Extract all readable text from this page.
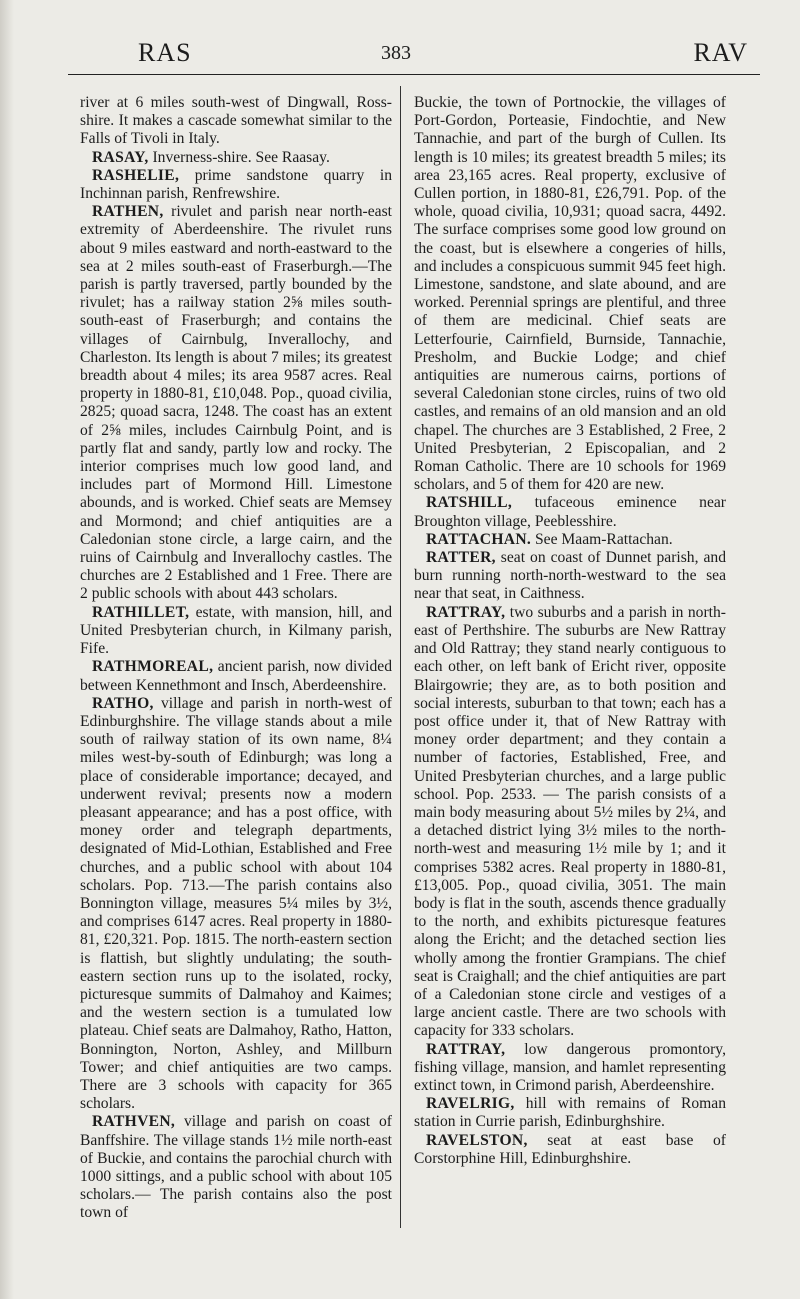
RAS	383	RAV

river at 6 miles south-west of Dingwall, Ross-shire. It makes a cascade somewhat similar to the Falls of Tivoli in Italy.

RASAY, Inverness-shire. See Raasay.

RASHELIE, prime sandstone quarry in Inchinnan parish, Renfrewshire.

RATHEN, rivulet and parish near north-east extremity of Aberdeenshire. The rivulet runs about 9 miles eastward and north-eastward to the sea at 2 miles south-east of Fraserburgh.—The parish is partly traversed, partly bounded by the rivulet; has a railway station 2⅝ miles south-south-east of Fraserburgh; and contains the villages of Cairnbulg, Inverallochy, and Charleston. Its length is about 7 miles; its greatest breadth about 4 miles; its area 9587 acres. Real property in 1880-81, £10,048. Pop., quoad civilia, 2825; quoad sacra, 1248. The coast has an extent of 2⅝ miles, includes Cairnbulg Point, and is partly flat and sandy, partly low and rocky. The interior comprises much low good land, and includes part of Mormond Hill. Limestone abounds, and is worked. Chief seats are Memsey and Mormond; and chief antiquities are a Caledonian stone circle, a large cairn, and the ruins of Cairnbulg and Inverallochy castles. The churches are 2 Established and 1 Free. There are 2 public schools with about 443 scholars.

RATHILLET, estate, with mansion, hill, and United Presbyterian church, in Kilmany parish, Fife.

RATHMOREAL, ancient parish, now divided between Kennethmont and Insch, Aberdeenshire.

RATHO, village and parish in north-west of Edinburghshire. The village stands about a mile south of railway station of its own name, 8¼ miles west-by-south of Edinburgh; was long a place of considerable importance; decayed, and underwent revival; presents now a modern pleasant appearance; and has a post office, with money order and telegraph departments, designated of Mid-Lothian, Established and Free churches, and a public school with about 104 scholars. Pop. 713.—The parish contains also Bonnington village, measures 5¼ miles by 3½, and comprises 6147 acres. Real property in 1880-81, £20,321. Pop. 1815. The north-eastern section is flattish, but slightly undulating; the south-eastern section runs up to the isolated, rocky, picturesque summits of Dalmahoy and Kaimes; and the western section is a tumulated low plateau. Chief seats are Dalmahoy, Ratho, Hatton, Bonnington, Norton, Ashley, and Millburn Tower; and chief antiquities are two camps. There are 3 schools with capacity for 365 scholars.

RATHVEN, village and parish on coast of Banffshire. The village stands 1½ mile north-east of Buckie, and contains the parochial church with 1000 sittings, and a public school with about 105 scholars.— The parish contains also the post town of

Buckie, the town of Portnockie, the villages of Port-Gordon, Porteasie, Findochtie, and New Tannachie, and part of the burgh of Cullen. Its length is 10 miles; its greatest breadth 5 miles; its area 23,165 acres. Real property, exclusive of Cullen portion, in 1880-81, £26,791. Pop. of the whole, quoad civilia, 10,931; quoad sacra, 4492. The surface comprises some good low ground on the coast, but is elsewhere a congeries of hills, and includes a conspicuous summit 945 feet high. Limestone, sandstone, and slate abound, and are worked. Perennial springs are plentiful, and three of them are medicinal. Chief seats are Letterfourie, Cairnfield, Burnside, Tannachie, Presholm, and Buckie Lodge; and chief antiquities are numerous cairns, portions of several Caledonian stone circles, ruins of two old castles, and remains of an old mansion and an old chapel. The churches are 3 Established, 2 Free, 2 United Presbyterian, 2 Episcopalian, and 2 Roman Catholic. There are 10 schools for 1969 scholars, and 5 of them for 420 are new.

RATSHILL, tufaceous eminence near Broughton village, Peeblesshire.

RATTACHAN. See Maam-Rattachan.

RATTER, seat on coast of Dunnet parish, and burn running north-north-westward to the sea near that seat, in Caithness.

RATTRAY, two suburbs and a parish in north-east of Perthshire. The suburbs are New Rattray and Old Rattray; they stand nearly contiguous to each other, on left bank of Ericht river, opposite Blairgowrie; they are, as to both position and social interests, suburban to that town; each has a post office under it, that of New Rattray with money order department; and they contain a number of factories, Established, Free, and United Presbyterian churches, and a large public school. Pop. 2533. — The parish consists of a main body measuring about 5½ miles by 2¼, and a detached district lying 3½ miles to the north-north-west and measuring 1½ mile by 1; and it comprises 5382 acres. Real property in 1880-81, £13,005. Pop., quoad civilia, 3051. The main body is flat in the south, ascends thence gradually to the north, and exhibits picturesque features along the Ericht; and the detached section lies wholly among the frontier Grampians. The chief seat is Craighall; and the chief antiquities are part of a Caledonian stone circle and vestiges of a large ancient castle. There are two schools with capacity for 333 scholars.

RATTRAY, low dangerous promontory, fishing village, mansion, and hamlet representing extinct town, in Crimond parish, Aberdeenshire.

RAVELRIG, hill with remains of Roman station in Currie parish, Edinburghshire.

RAVELSTON, seat at east base of Corstorphine Hill, Edinburghshire.
